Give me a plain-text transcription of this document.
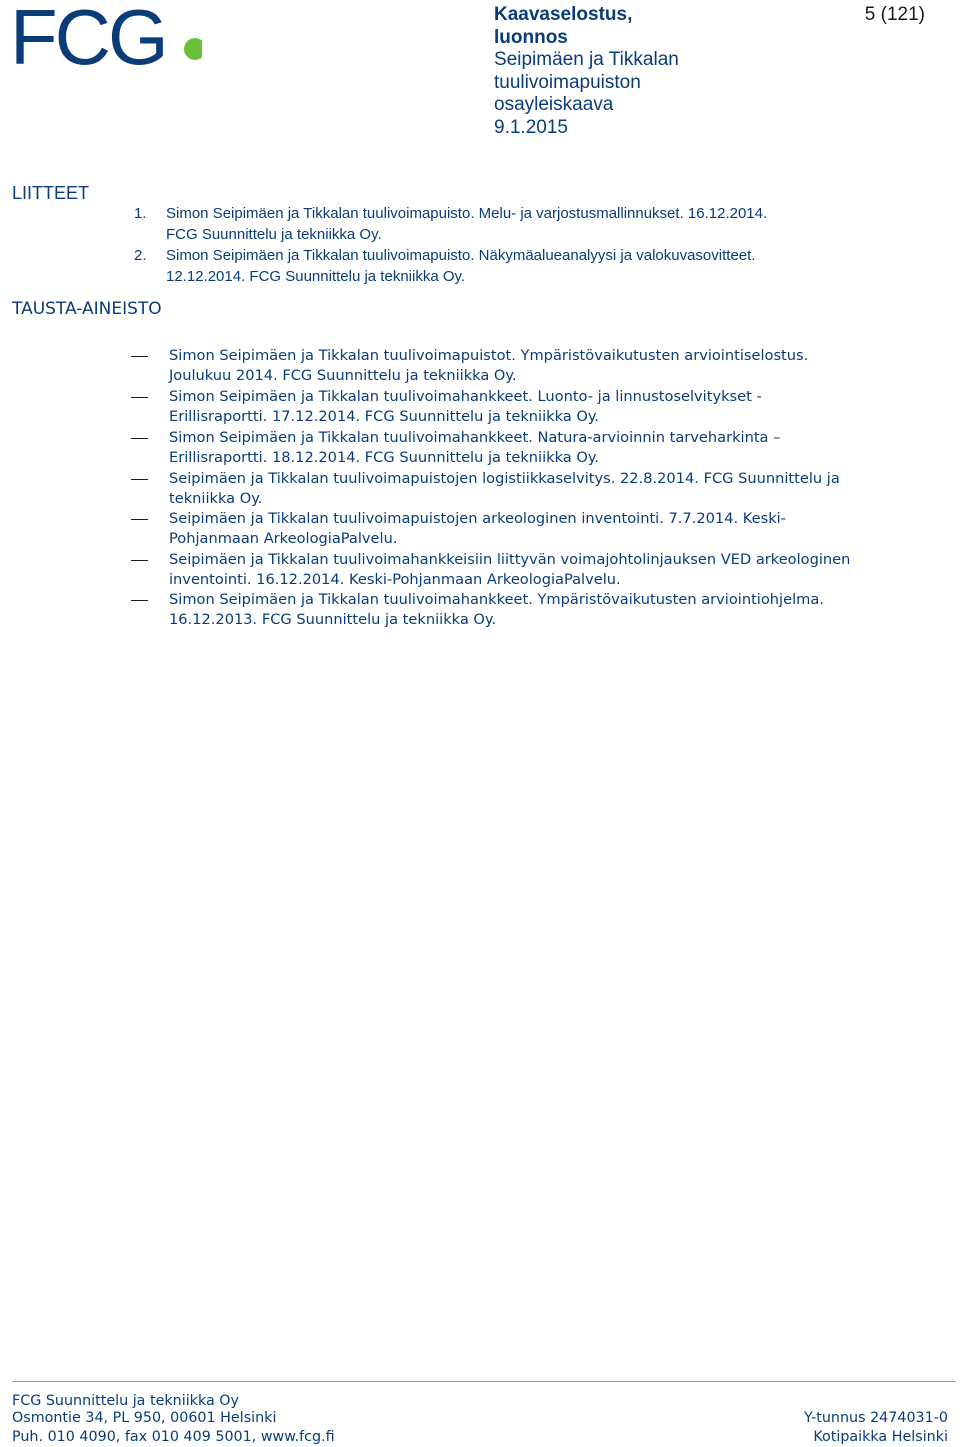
FCG	Kaavaselostus,
luonnos
Seipimäen ja Tikkalan
tuulivoimapuiston
osayleiskaava
9.1.2015
5 (121)
LIITTEET
1. Simon Seipimäen ja Tikkalan tuulivoimapuisto. Melu- ja varjostusmallinnukset. 16.12.2014.
FCG Suunnittelu ja tekniikka Oy.
2. Simon Seipimäen ja Tikkalan tuulivoimapuisto. Näkymäalueanalyysi ja valokuvasovitteet.
12.12.2014. FCG Suunnittelu ja tekniikka Oy.
TAUSTA-AINEISTO
Simon Seipimäen ja Tikkalan tuulivoimapuistot. Ympäristövaikutusten arviointiselostus.
Joulukuu 2014. FCG Suunnittelu ja tekniikka Oy.
Simon Seipimäen ja Tikkalan tuulivoimahankkeet. Luonto- ja linnustoselvitykset -
Erillisraportti. 17.12.2014. FCG Suunnittelu ja tekniikka Oy.
Simon Seipimäen ja Tikkalan tuulivoimahankkeet. Natura-arvioinnin tarveharkinta –
Erillisraportti. 18.12.2014. FCG Suunnittelu ja tekniikka Oy.
Seipimäen ja Tikkalan tuulivoimapuistojen logistiikkaselvitys. 22.8.2014. FCG Suunnittelu ja
tekniikka Oy.
Seipimäen ja Tikkalan tuulivoimapuistojen arkeologinen inventointi. 7.7.2014. Keski-
Pohjanmaan ArkeologiaPalvelu.
Seipimäen ja Tikkalan tuulivoimahankkeisiin liittyvän voimajohtolinjauksen VED arkeologinen
inventointi. 16.12.2014. Keski-Pohjanmaan ArkeologiaPalvelu.
Simon Seipimäen ja Tikkalan tuulivoimahankkeet. Ympäristövaikutusten arviointiohjelma.
16.12.2013. FCG Suunnittelu ja tekniikka Oy.
FCG Suunnittelu ja tekniikka Oy
Osmontie 34, PL 950, 00601 Helsinki
Puh. 010 4090, fax 010 409 5001, www.fcg.fi
Y-tunnus 2474031-0
Kotipaikka Helsinki
